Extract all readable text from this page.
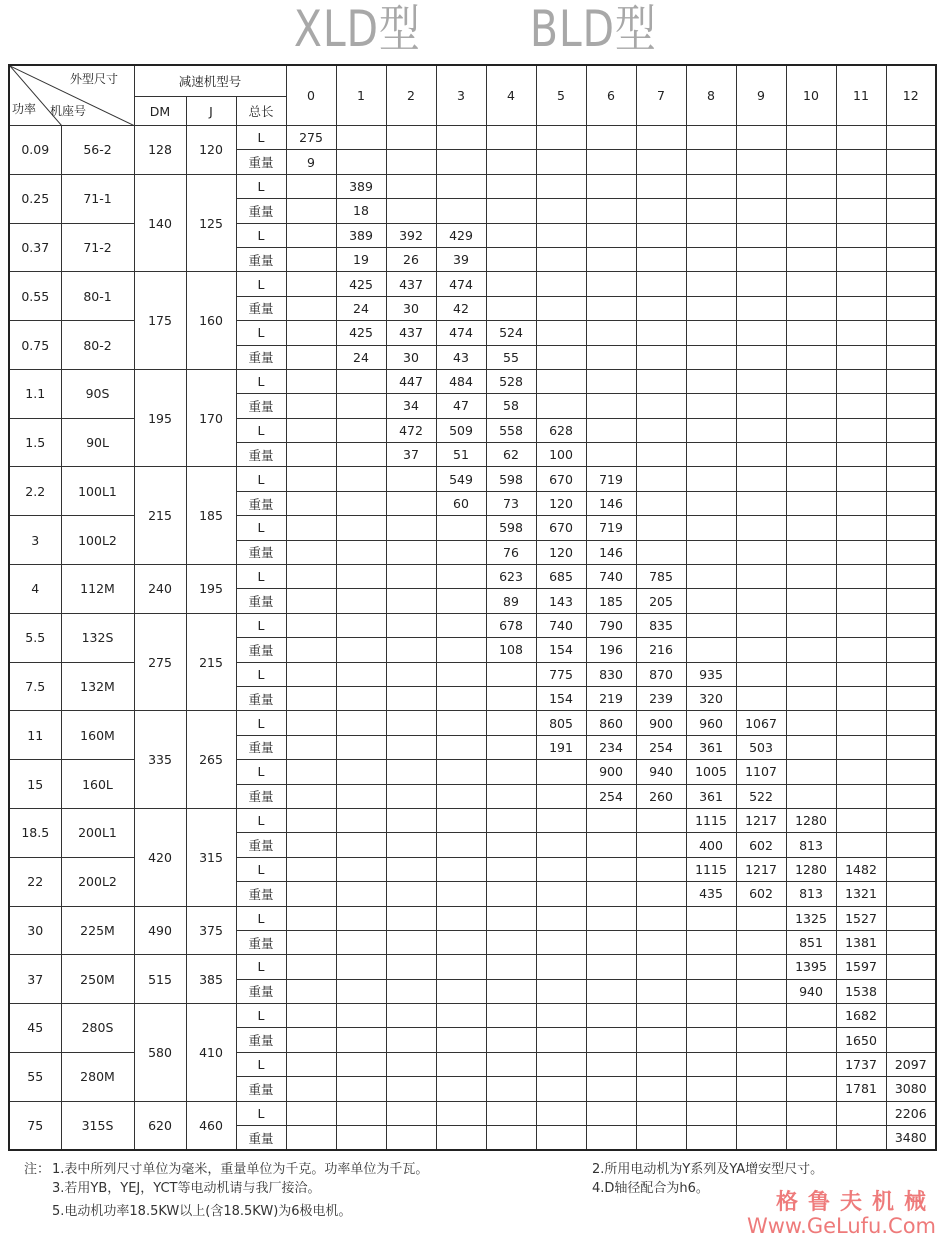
XLD型 BLD型
外型尺寸
机座号
功率		减速机型号			0	1	2	3	4	5	6	7	8	9	10	11	12
		DM	J	总长													
0.09	56-2	128	120	L	275												
				重量	9												
0.25	71-1	140	125	L		389											
				重量		18											
0.37	71-2			L		389	392	429									
				重量		19	26	39									
0.55	80-1	175	160	L		425	437	474									
				重量		24	30	42									
0.75	80-2			L		425	437	474	524								
				重量		24	30	43	55								
1.1	90S	195	170	L			447	484	528								
				重量			34	47	58								
1.5	90L			L			472	509	558	628							
				重量			37	51	62	100							
2.2	100L1	215	185	L				549	598	670	719						
				重量				60	73	120	146						
3	100L2			L					598	670	719						
				重量					76	120	146						
4	112M	240	195	L					623	685	740	785					
				重量					89	143	185	205					
5.5	132S	275	215	L					678	740	790	835					
				重量					108	154	196	216					
7.5	132M			L						775	830	870	935				
				重量						154	219	239	320				
11	160M	335	265	L						805	860	900	960	1067			
				重量						191	234	254	361	503			
15	160L			L							900	940	1005	1107			
				重量							254	260	361	522			
18.5	200L1	420	315	L									1115	1217	1280		
				重量									400	602	813		
22	200L2			L									1115	1217	1280	1482	
				重量									435	602	813	1321	
30	225M	490	375	L											1325	1527	
				重量											851	1381	
37	250M	515	385	L											1395	1597	
				重量											940	1538	
45	280S	580	410	L												1682	
				重量												1650	
55	280M			L												1737	2097
				重量												1781	3080
75	315S	620	460	L													2206
				重量													3480
注： 1.表中所列尺寸单位为毫米，重量单位为千克。功率单位为千瓦。	2.所用电动机为Y系列及YA增安型尺寸。
3.若用YB，YEJ，YCT等电动机请与我厂接洽。	4.D轴径配合为h6。
5.电动机功率18.5KW以上(含18.5KW)为6极电机。	格鲁夫机械
Www.GeLufu.Com
